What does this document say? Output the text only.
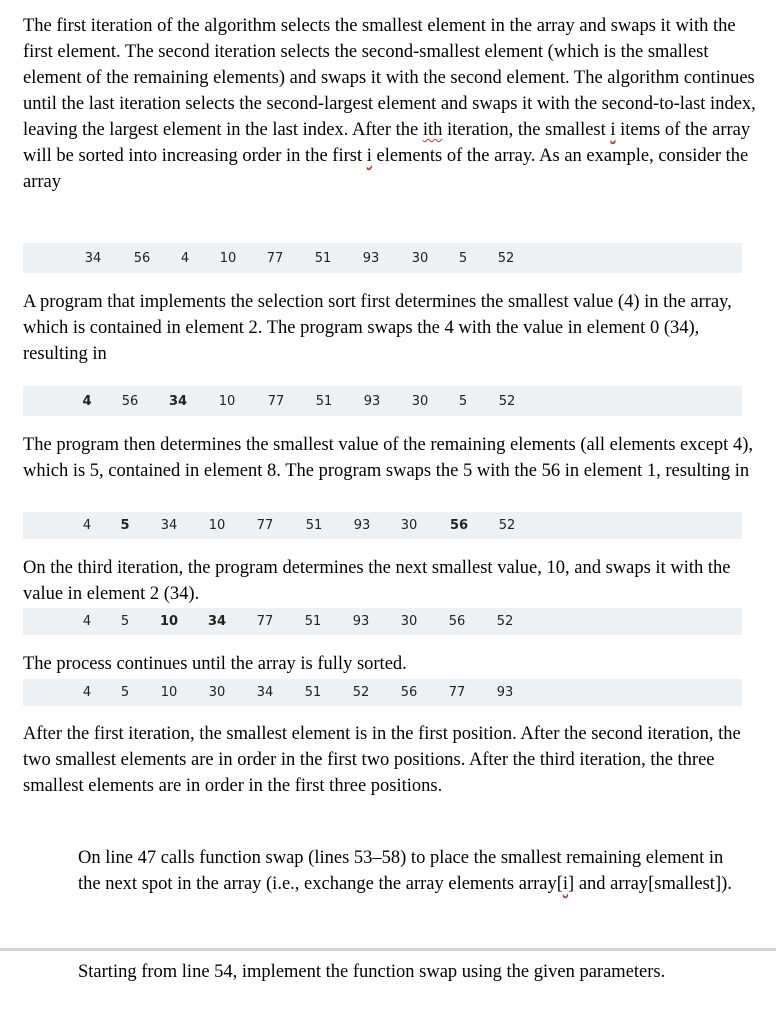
The first iteration of the algorithm selects the smallest element in the array and swaps it with the first element. The second iteration selects the second-smallest element (which is the smallest element of the remaining elements) and swaps it with the second element. The algorithm continues until the last iteration selects the second-largest element and swaps it with the second-to-last index, leaving the largest element in the last index. After the ith iteration, the smallest i items of the array will be sorted into increasing order in the first i elements of the array. As an example, consider the array

34	56	4	10	77	51	93	30	5	52

A program that implements the selection sort first determines the smallest value (4) in the array, which is contained in element 2. The program swaps the 4 with the value in element 0 (34), resulting in

4	56	34	10	77	51	93	30	5	52

The program then determines the smallest value of the remaining elements (all elements except 4), which is 5, contained in element 8. The program swaps the 5 with the 56 in element 1, resulting in

4	5	34	10	77	51	93	30	56	52

On the third iteration, the program determines the next smallest value, 10, and swaps it with the value in element 2 (34).

4	5	10	34	77	51	93	30	56	52

The process continues until the array is fully sorted.

4	5	10	30	34	51	52	56	77	93

After the first iteration, the smallest element is in the first position. After the second iteration, the two smallest elements are in order in the first two positions. After the third iteration, the three smallest elements are in order in the first three positions.

On line 47 calls function swap (lines 53–58) to place the smallest remaining element in the next spot in the array (i.e., exchange the array elements array[i] and array[smallest]).

Starting from line 54, implement the function swap using the given parameters.
